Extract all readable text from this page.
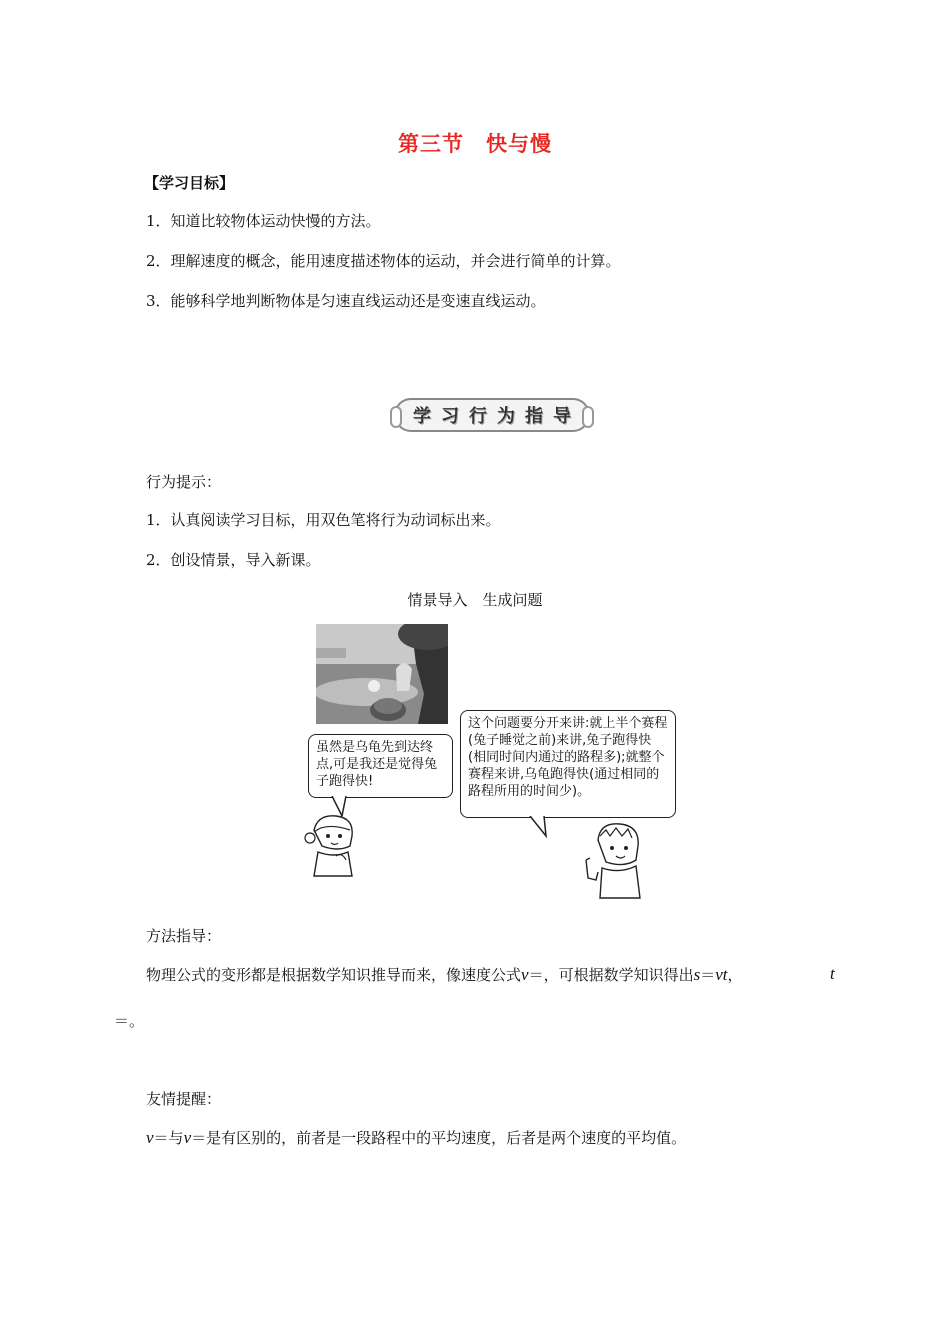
第三节　快与慢
【学习目标】
1．知道比较物体运动快慢的方法。
2．理解速度的概念，能用速度描述物体的运动，并会进行简单的计算。
3．能够科学地判断物体是匀速直线运动还是变速直线运动。
学习行为指导
行为提示：
1．认真阅读学习目标，用双色笔将行为动词标出来。
2．创设情景，导入新课。
情景导入　生成问题
虽然是乌龟先到达终点,可是我还是觉得兔子跑得快!
这个问题要分开来讲:就上半个赛程(兔子睡觉之前)来讲,兔子跑得快(相同时间内通过的路程多);就整个赛程来讲,乌龟跑得快(通过相同的路程所用的时间少)。
方法指导：
物理公式的变形都是根据数学知识推导而来，像速度公式v＝，可根据数学知识得出s＝vt，	t
＝。
友情提醒：
v＝与v＝是有区别的，前者是一段路程中的平均速度，后者是两个速度的平均值。
